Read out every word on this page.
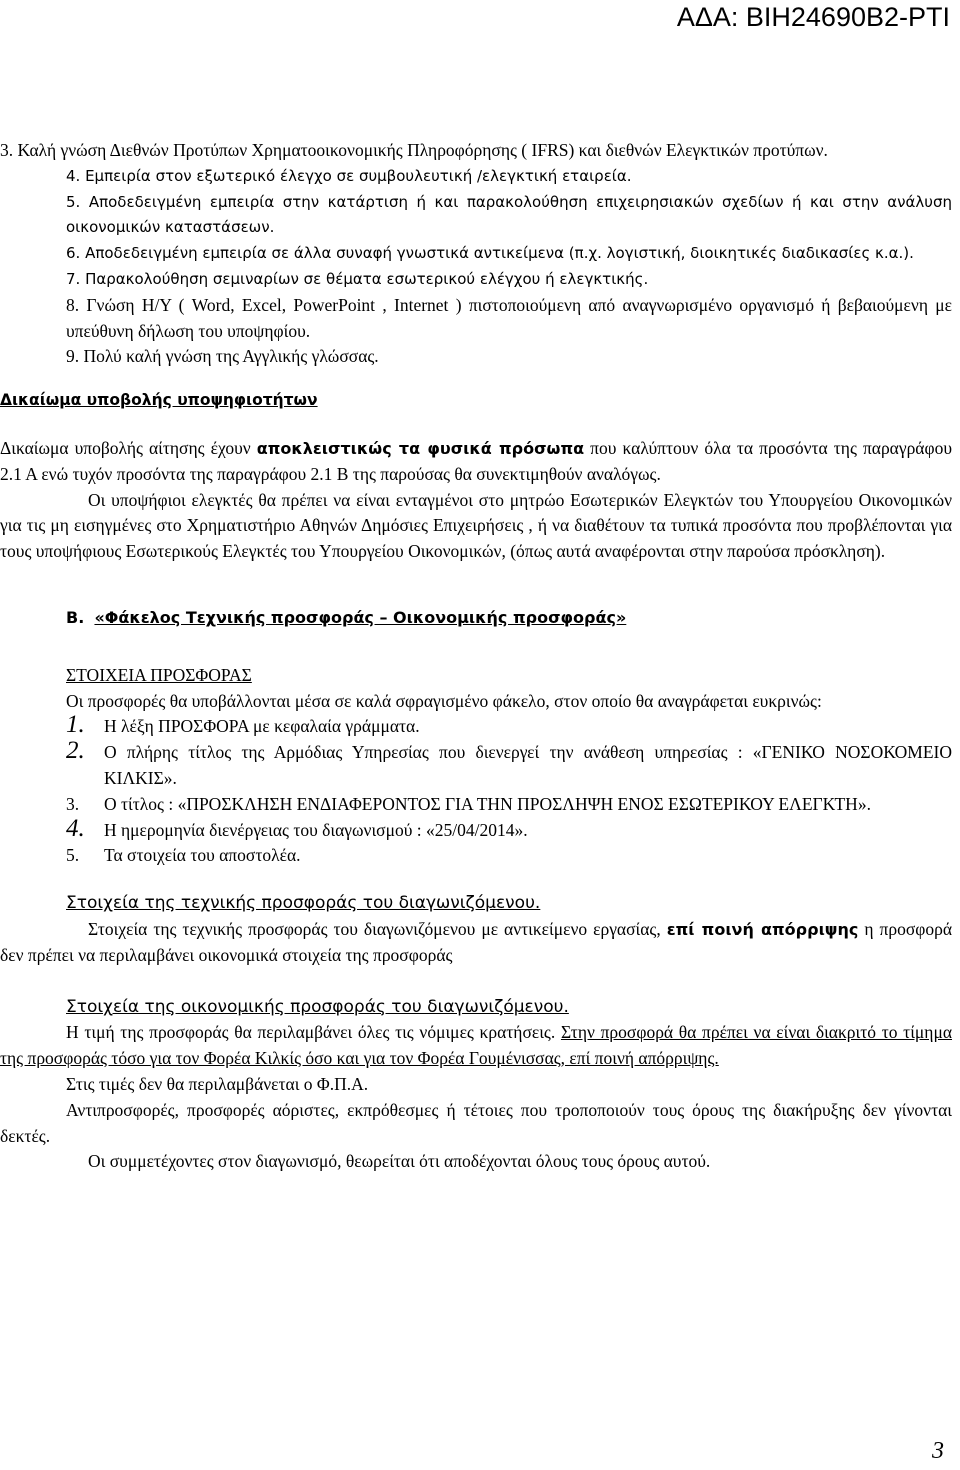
ΑΔΑ: ΒΙΗ24690Β2-ΡΤΙ

3. Καλή γνώση Διεθνών Προτύπων Χρηματοοικονομικής Πληροφόρησης ( IFRS) και διεθνών Ελεγκτικών προτύπων.

4. Εμπειρία στον εξωτερικό έλεγχο σε συμβουλευτική /ελεγκτική εταιρεία.

5. Αποδεδειγμένη εμπειρία στην κατάρτιση ή και παρακολούθηση επιχειρησιακών σχεδίων ή και στην ανάλυση οικονομικών καταστάσεων.

6. Αποδεδειγμένη εμπειρία σε άλλα συναφή γνωστικά αντικείμενα (π.χ. λογιστική, διοικητικές διαδικασίες κ.α.).

7. Παρακολούθηση σεμιναρίων σε θέματα εσωτερικού ελέγχου ή ελεγκτικής.

8. Γνώση Η/Υ ( Word, Excel, PowerPoint , Internet ) πιστοποιούμενη από αναγνωρισμένο οργανισμό ή βεβαιούμενη με υπεύθυνη δήλωση του υποψηφίου.

9. Πολύ καλή γνώση της Αγγλικής γλώσσας.

Δικαίωμα υποβολής υποψηφιοτήτων

Δικαίωμα υποβολής αίτησης έχουν αποκλειστικώς τα φυσικά πρόσωπα που καλύπτουν όλα τα προσόντα της παραγράφου 2.1 Α ενώ τυχόν προσόντα της παραγράφου 2.1 Β της παρούσας θα συνεκτιμηθούν αναλόγως.

Οι υποψήφιοι ελεγκτές θα πρέπει να είναι ενταγμένοι στο μητρώο Εσωτερικών Ελεγκτών του Υπουργείου Οικονομικών για τις μη εισηγμένες στο Χρηματιστήριο Αθηνών Δημόσιες Επιχειρήσεις , ή να διαθέτουν τα τυπικά προσόντα που προβλέπονται για τους υποψήφιους Εσωτερικούς Ελεγκτές του Υπουργείου Οικονομικών, (όπως αυτά αναφέρονται στην παρούσα πρόσκληση).

Β. «Φάκελος Τεχνικής προσφοράς – Οικονομικής προσφοράς»

ΣΤΟΙΧΕΙΑ ΠΡΟΣΦΟΡΑΣ

Οι προσφορές θα υποβάλλονται μέσα σε καλά σφραγισμένο φάκελο, στον οποίο θα αναγράφεται ευκρινώς:

1. Η λέξη ΠΡΟΣΦΟΡΑ με κεφαλαία γράμματα.

2. Ο πλήρης τίτλος της Αρμόδιας Υπηρεσίας που διενεργεί την ανάθεση υπηρεσίας : «ΓΕΝΙΚΟ ΝΟΣΟΚΟΜΕΙΟ ΚΙΛΚΙΣ».

3. Ο τίτλος : «ΠΡΟΣΚΛΗΣΗ ΕΝΔΙΑΦΕΡΟΝΤΟΣ ΓΙΑ ΤΗΝ ΠΡΟΣΛΗΨΗ ΕΝΟΣ ΕΣΩΤΕΡΙΚΟΥ ΕΛΕΓΚΤΗ».

4. Η ημερομηνία διενέργειας του διαγωνισμού : «25/04/2014».

5. Τα στοιχεία του αποστολέα.

Στοιχεία της τεχνικής προσφοράς του διαγωνιζόμενου.

Στοιχεία της τεχνικής προσφοράς του διαγωνιζόμενου με αντικείμενο εργασίας, επί ποινή απόρριψης η προσφορά δεν πρέπει να περιλαμβάνει οικονομικά στοιχεία της προσφοράς

Στοιχεία της οικονομικής προσφοράς του διαγωνιζόμενου.

Η τιμή της προσφοράς θα περιλαμβάνει όλες τις νόμιμες κρατήσεις. Στην προσφορά θα πρέπει να είναι διακριτό το τίμημα της προσφοράς τόσο για τον Φορέα Κιλκίς όσο και για τον Φορέα Γουμένισσας, επί ποινή απόρριψης.

Στις τιμές δεν θα περιλαμβάνεται ο Φ.Π.Α.

Αντιπροσφορές, προσφορές αόριστες, εκπρόθεσμες ή τέτοιες που τροποποιούν τους όρους της διακήρυξης δεν γίνονται δεκτές.

Οι συμμετέχοντες στον διαγωνισμό, θεωρείται ότι αποδέχονται όλους τους όρους αυτού.

3
